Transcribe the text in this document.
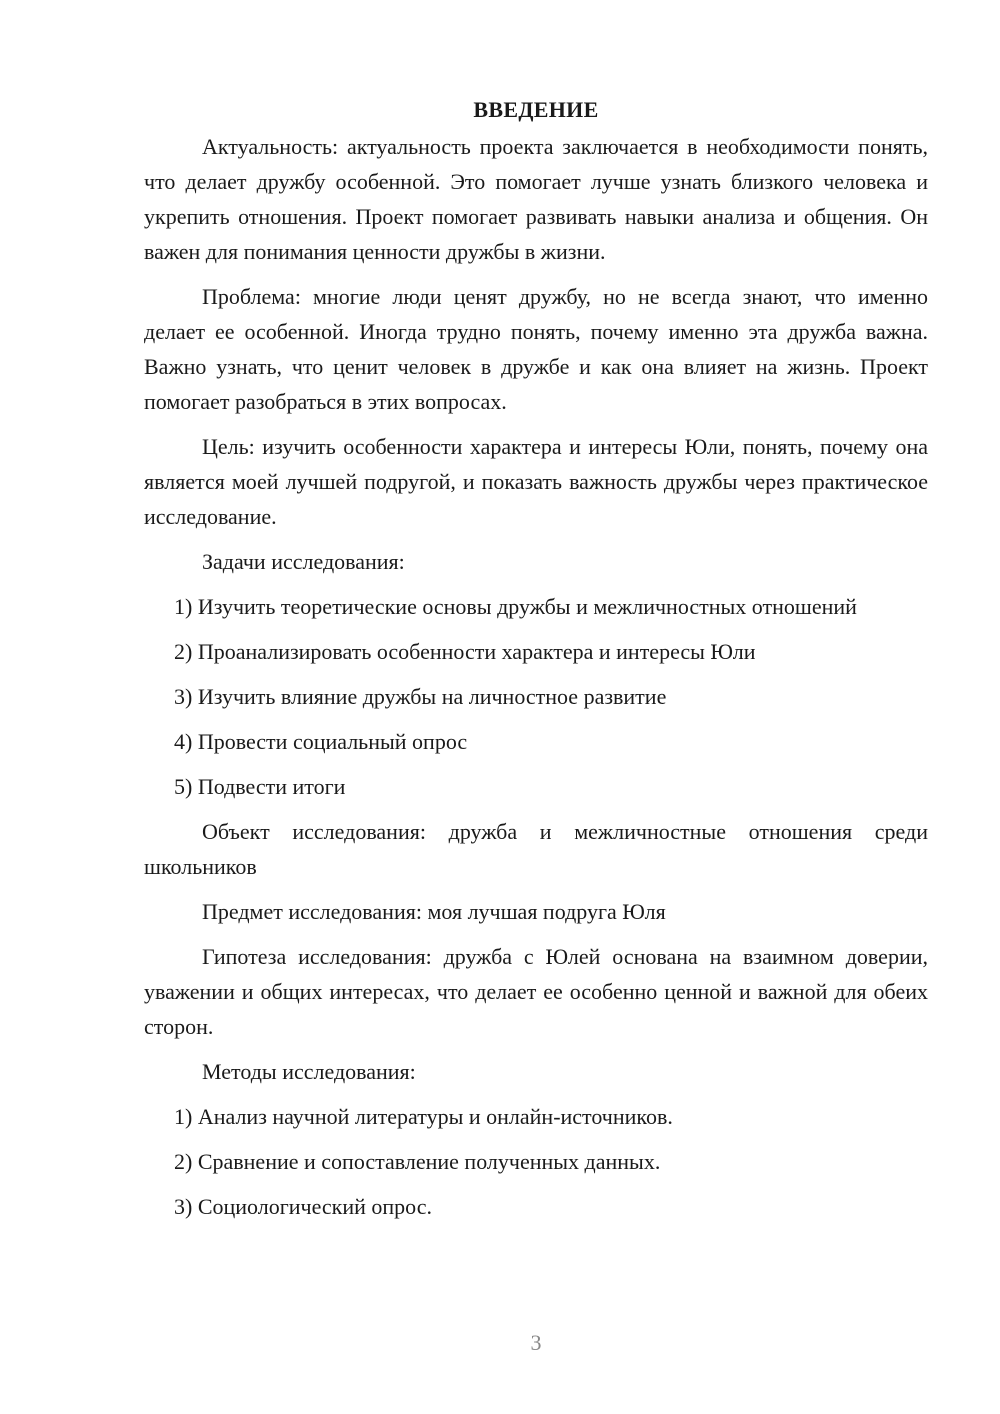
ВВЕДЕНИЕ

Актуальность: актуальность проекта заключается в необходимости понять, что делает дружбу особенной. Это помогает лучше узнать близкого человека и укрепить отношения. Проект помогает развивать навыки анализа и общения. Он важен для понимания ценности дружбы в жизни.

Проблема: многие люди ценят дружбу, но не всегда знают, что именно делает ее особенной. Иногда трудно понять, почему именно эта дружба важна. Важно узнать, что ценит человек в дружбе и как она влияет на жизнь. Проект помогает разобраться в этих вопросах.

Цель: изучить особенности характера и интересы Юли, понять, почему она является моей лучшей подругой, и показать важность дружбы через практическое исследование.

Задачи исследования:

1) Изучить теоретические основы дружбы и межличностных отношений

2) Проанализировать особенности характера и интересы Юли

3) Изучить влияние дружбы на личностное развитие

4) Провести социальный опрос

5) Подвести итоги

Объект исследования: дружба и межличностные отношения среди школьников

Предмет исследования: моя лучшая подруга Юля

Гипотеза исследования: дружба с Юлей основана на взаимном доверии, уважении и общих интересах, что делает ее особенно ценной и важной для обеих сторон.

Методы исследования:

1) Анализ научной литературы и онлайн-источников.

2) Сравнение и сопоставление полученных данных.

3) Социологический опрос.

3
